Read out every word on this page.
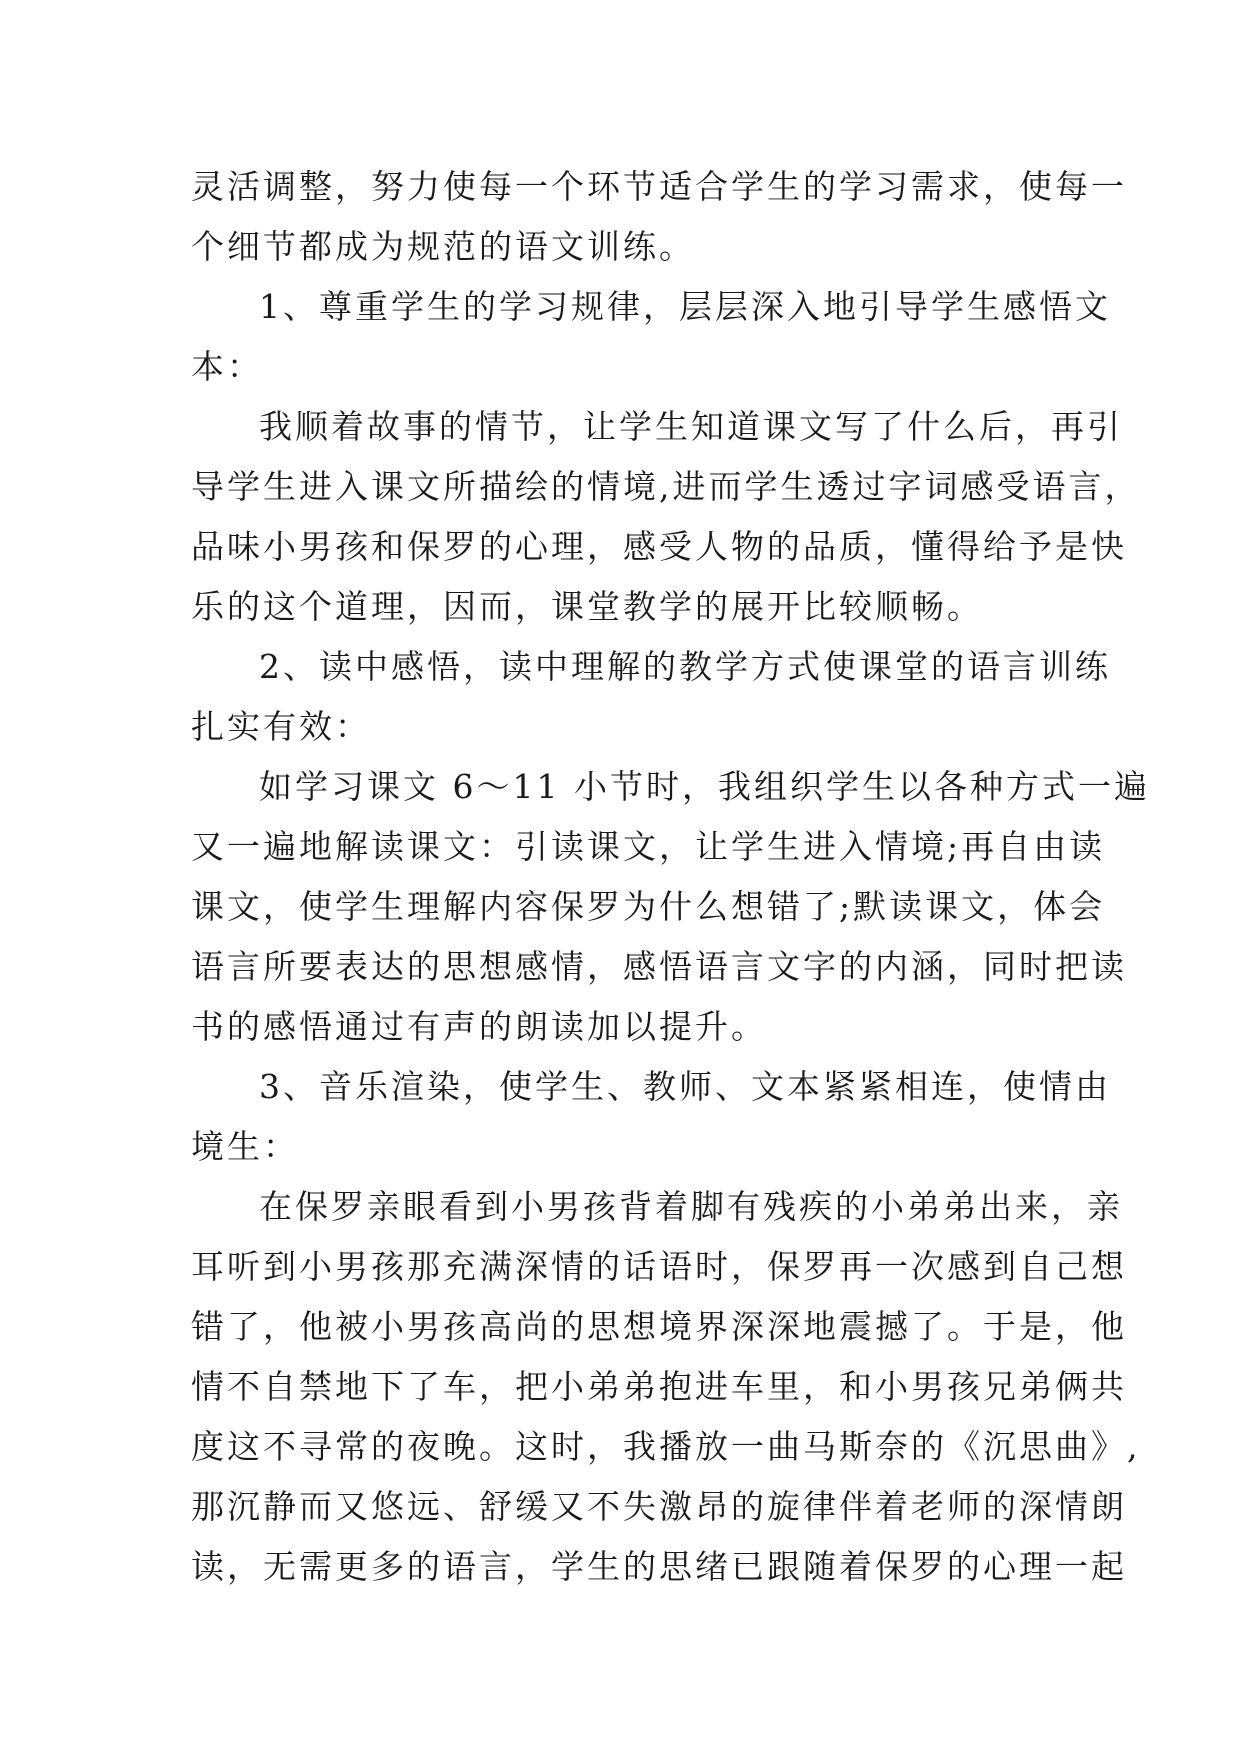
灵活调整，努力使每一个环节适合学生的学习需求，使每一
个细节都成为规范的语文训练。
1、尊重学生的学习规律，层层深入地引导学生感悟文
本：
我顺着故事的情节，让学生知道课文写了什么后，再引
导学生进入课文所描绘的情境,进而学生透过字词感受语言，
品味小男孩和保罗的心理，感受人物的品质，懂得给予是快
乐的这个道理，因而，课堂教学的展开比较顺畅。
2、读中感悟，读中理解的教学方式使课堂的语言训练
扎实有效：
如学习课文 6～11 小节时，我组织学生以各种方式一遍
又一遍地解读课文：引读课文，让学生进入情境;再自由读
课文，使学生理解内容保罗为什么想错了;默读课文，体会
语言所要表达的思想感情，感悟语言文字的内涵，同时把读
书的感悟通过有声的朗读加以提升。
3、音乐渲染，使学生、教师、文本紧紧相连，使情由
境生：
在保罗亲眼看到小男孩背着脚有残疾的小弟弟出来，亲
耳听到小男孩那充满深情的话语时，保罗再一次感到自己想
错了，他被小男孩高尚的思想境界深深地震撼了。于是，他
情不自禁地下了车，把小弟弟抱进车里，和小男孩兄弟俩共
度这不寻常的夜晚。这时，我播放一曲马斯奈的《沉思曲》,
那沉静而又悠远、舒缓又不失激昂的旋律伴着老师的深情朗
读，无需更多的语言，学生的思绪已跟随着保罗的心理一起
